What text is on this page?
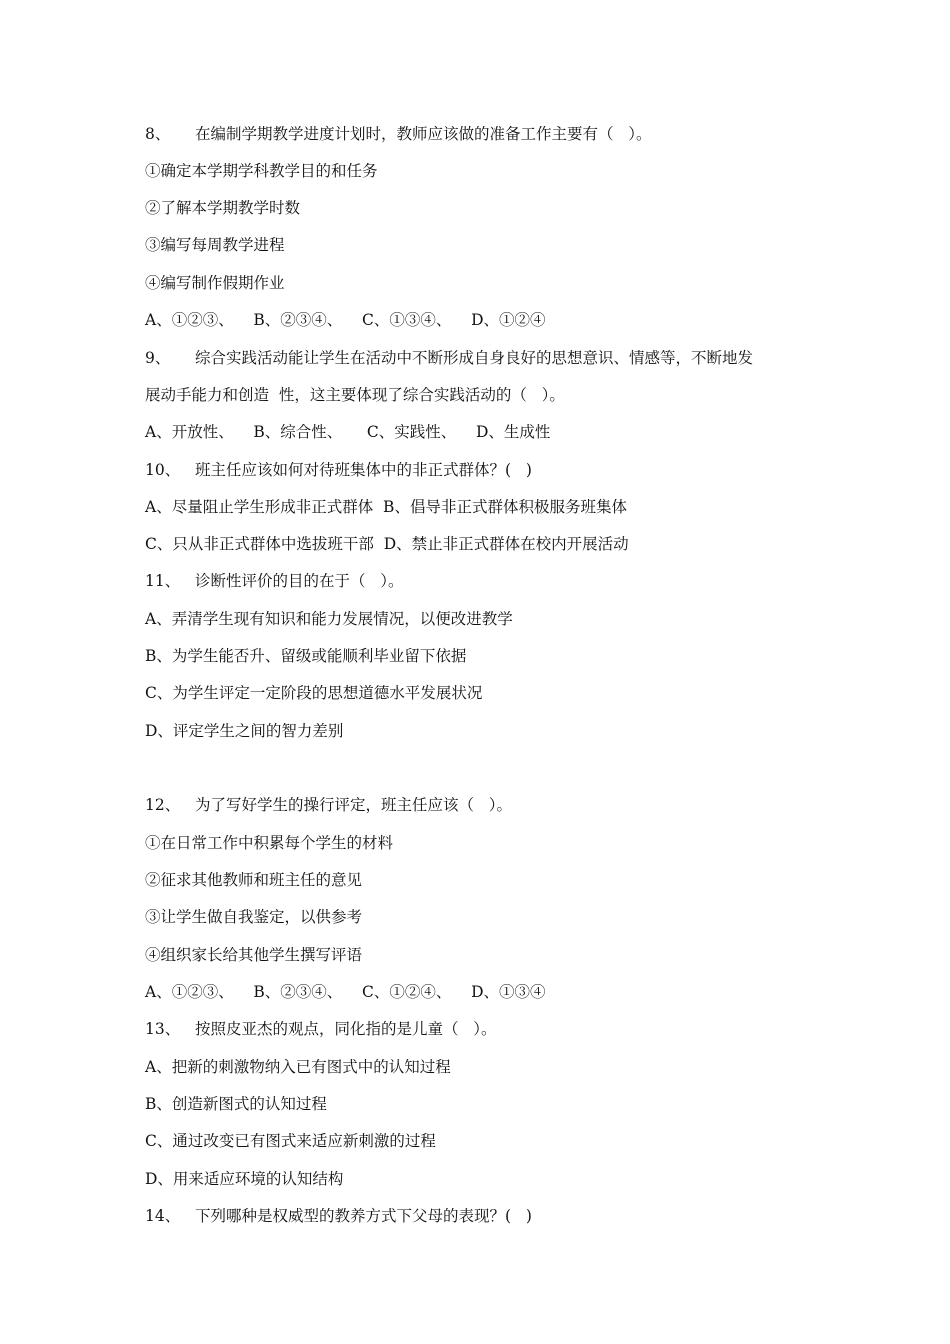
8、     在编制学期教学进度计划时，教师应该做的准备工作主要有（   ）。
①确定本学期学科教学目的和任务
②了解本学期教学时数
③编写每周教学进程
④编写制作假期作业
A、①②③、    B、②③④、    C、①③④、    D、①②④
9、     综合实践活动能让学生在活动中不断形成自身良好的思想意识、情感等，不断地发
展动手能力和创造  性，这主要体现了综合实践活动的（   ）。
A、开放性、    B、综合性、     C、实践性、    D、生成性
10、   班主任应该如何对待班集体中的非正式群体？(   )
A、尽量阻止学生形成非正式群体  B、倡导非正式群体积极服务班集体
C、只从非正式群体中选拔班干部  D、禁止非正式群体在校内开展活动
11、   诊断性评价的目的在于（   ）。
A、弄清学生现有知识和能力发展情况，以便改进教学
B、为学生能否升、留级或能顺利毕业留下依据
C、为学生评定一定阶段的思想道德水平发展状况
D、评定学生之间的智力差别
12、   为了写好学生的操行评定，班主任应该（   ）。
①在日常工作中积累每个学生的材料
②征求其他教师和班主任的意见
③让学生做自我鉴定，以供参考
④组织家长给其他学生撰写评语
A、①②③、    B、②③④、    C、①②④、    D、①③④
13、   按照皮亚杰的观点，同化指的是儿童（   ）。
A、把新的刺激物纳入已有图式中的认知过程
B、创造新图式的认知过程
C、通过改变已有图式来适应新刺激的过程
D、用来适应环境的认知结构
14、   下列哪种是权威型的教养方式下父母的表现？(   )
